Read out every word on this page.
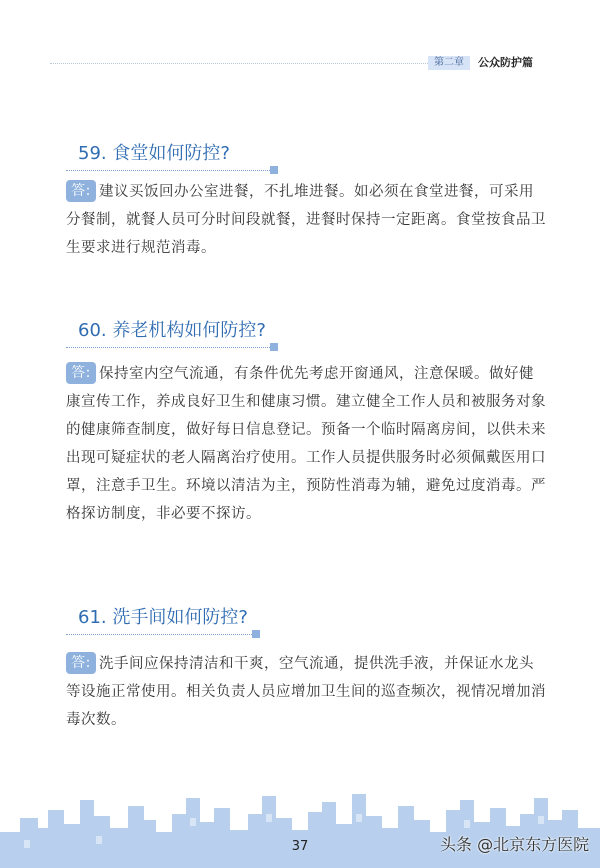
第二章	公众防护篇
59. 食堂如何防控?
答: 建议买饭回办公室进餐，不扎堆进餐。如必须在食堂进餐，可采用分餐制，就餐人员可分时间段就餐，进餐时保持一定距离。食堂按食品卫生要求进行规范消毒。
60. 养老机构如何防控?
答: 保持室内空气流通，有条件优先考虑开窗通风，注意保暖。做好健康宣传工作，养成良好卫生和健康习惯。建立健全工作人员和被服务对象的健康筛查制度，做好每日信息登记。预备一个临时隔离房间，以供未来出现可疑症状的老人隔离治疗使用。工作人员提供服务时必须佩戴医用口罩，注意手卫生。环境以清洁为主，预防性消毒为辅，避免过度消毒。严格探访制度，非必要不探访。
61. 洗手间如何防控?
答: 洗手间应保持清洁和干爽，空气流通，提供洗手液，并保证水龙头等设施正常使用。相关负责人员应增加卫生间的巡查频次，视情况增加消毒次数。
37	头条 @北京东方医院
